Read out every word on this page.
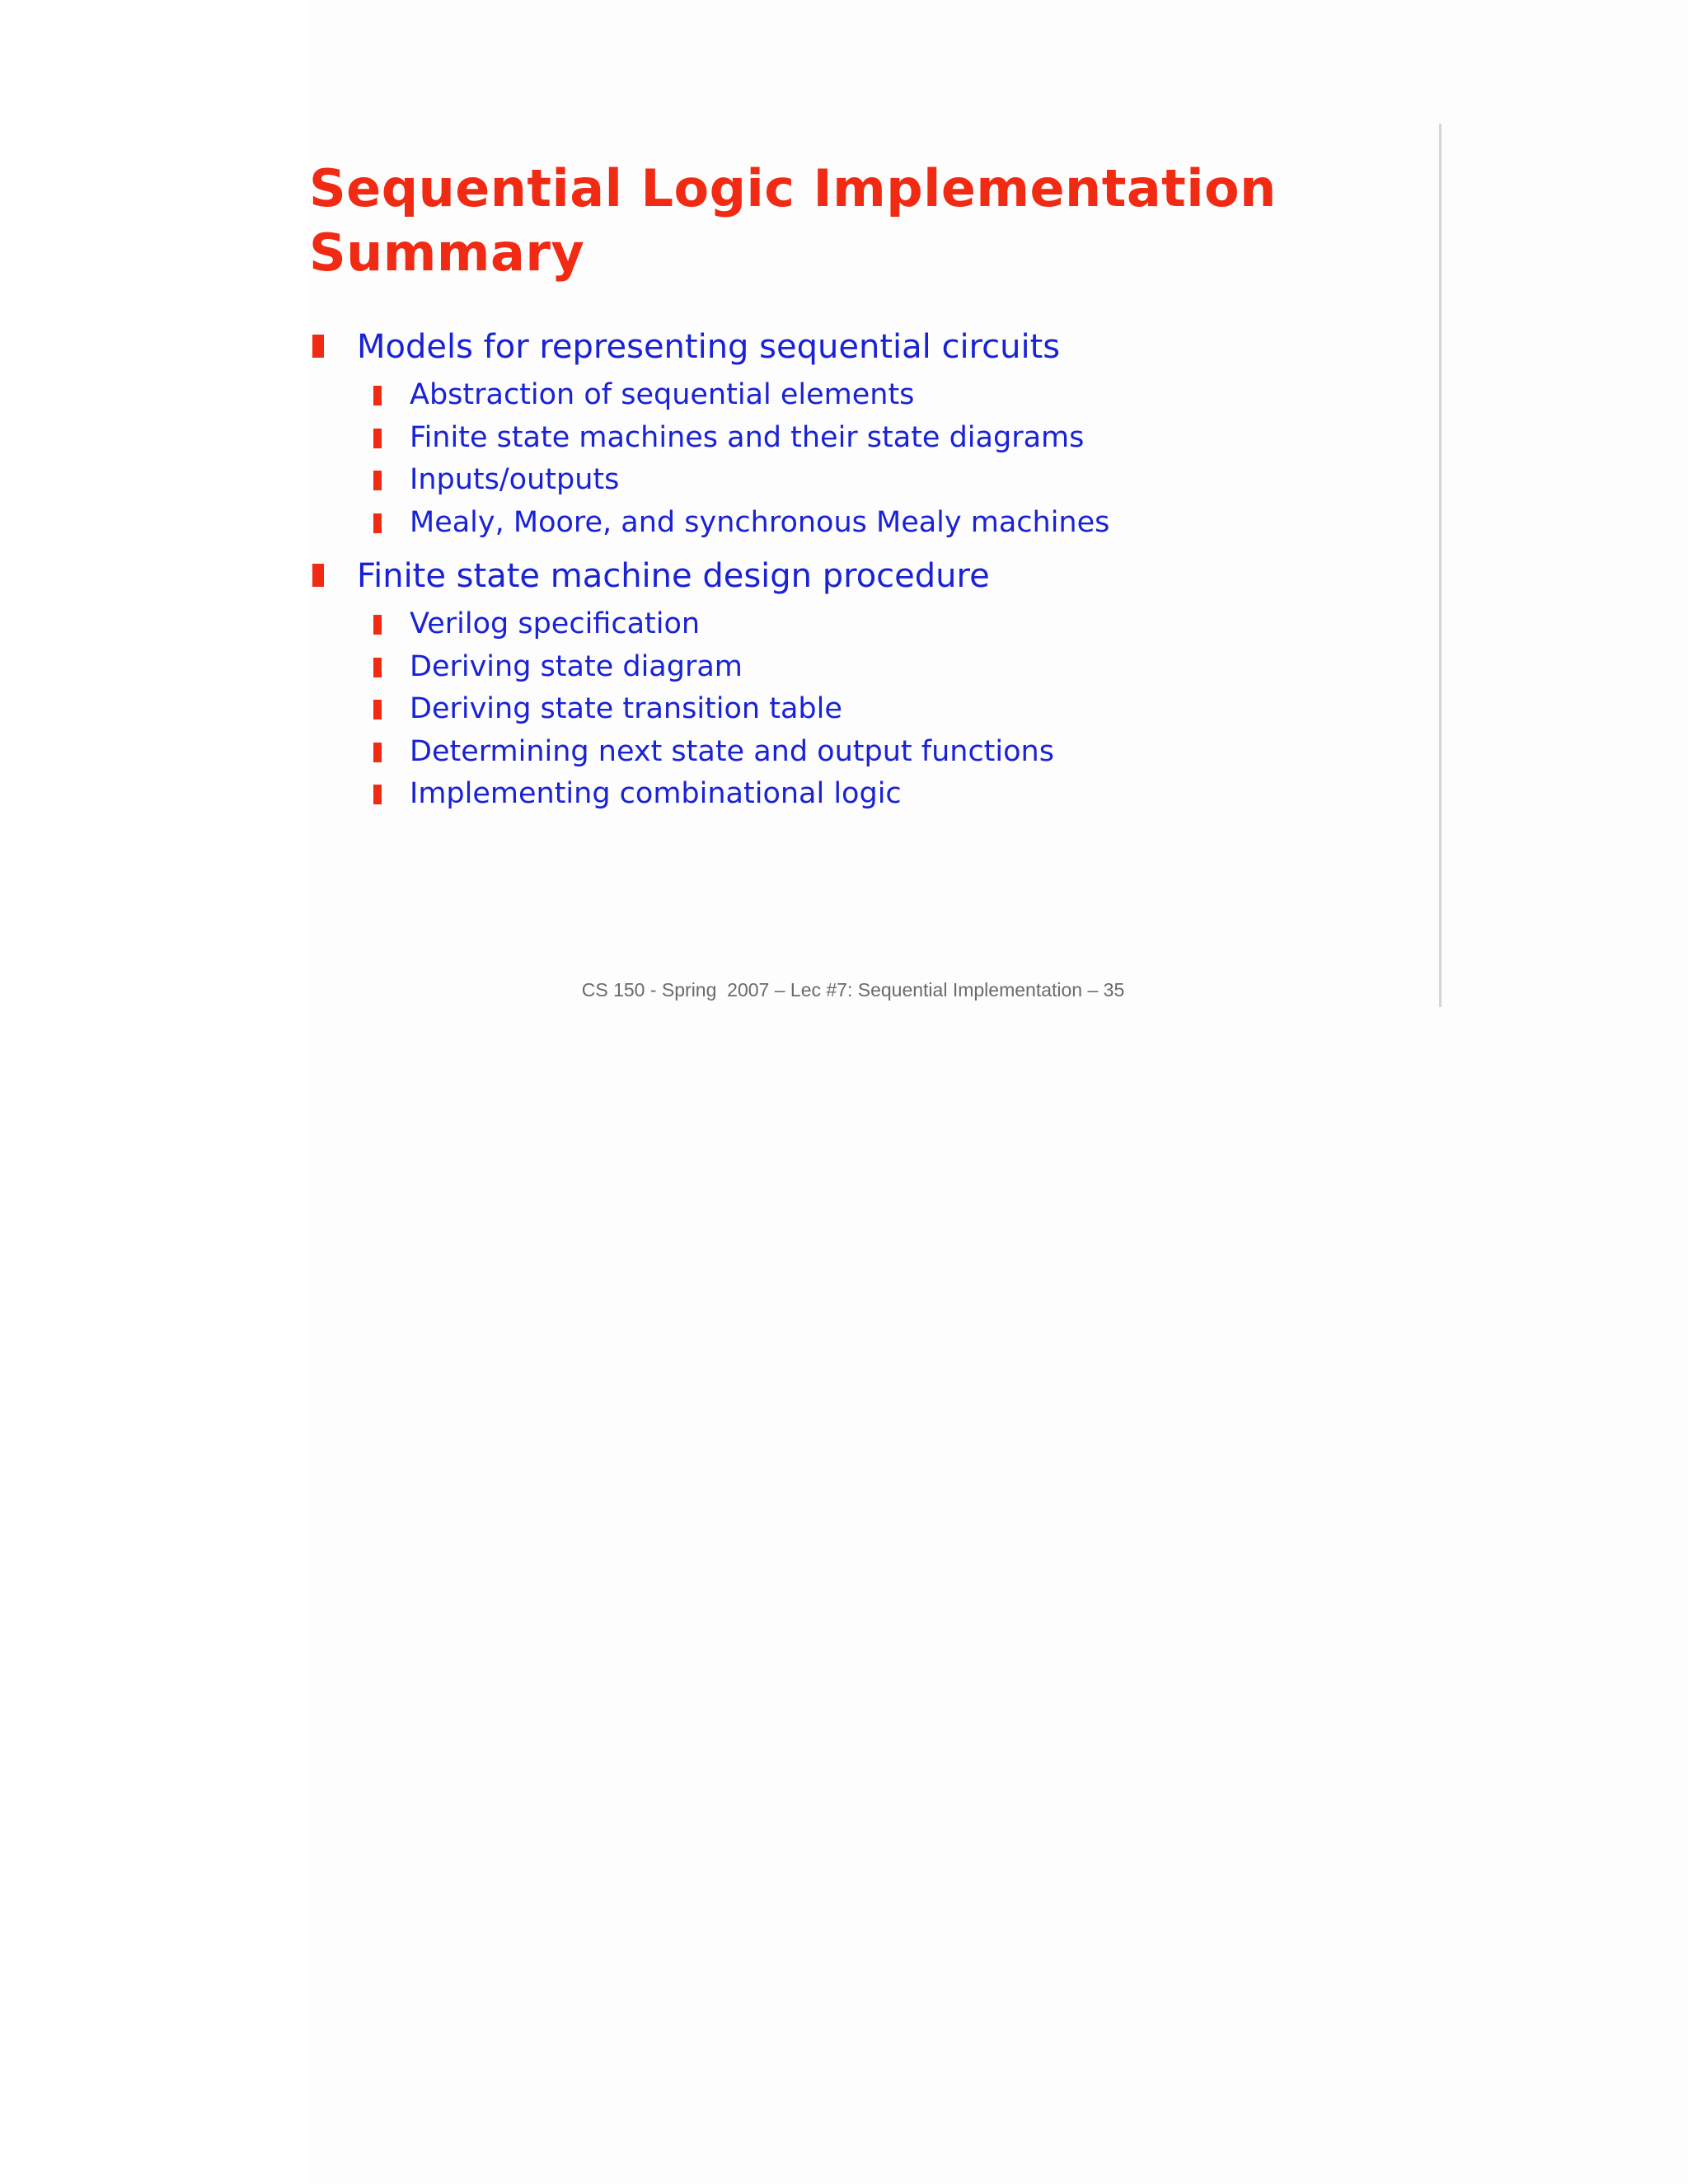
Sequential Logic Implementation
Summary
Models for representing sequential circuits
Abstraction of sequential elements
Finite state machines and their state diagrams
Inputs/outputs
Mealy, Moore, and synchronous Mealy machines
Finite state machine design procedure
Verilog specification
Deriving state diagram
Deriving state transition table
Determining next state and output functions
Implementing combinational logic
CS 150 - Spring  2007 – Lec #7: Sequential Implementation – 35
